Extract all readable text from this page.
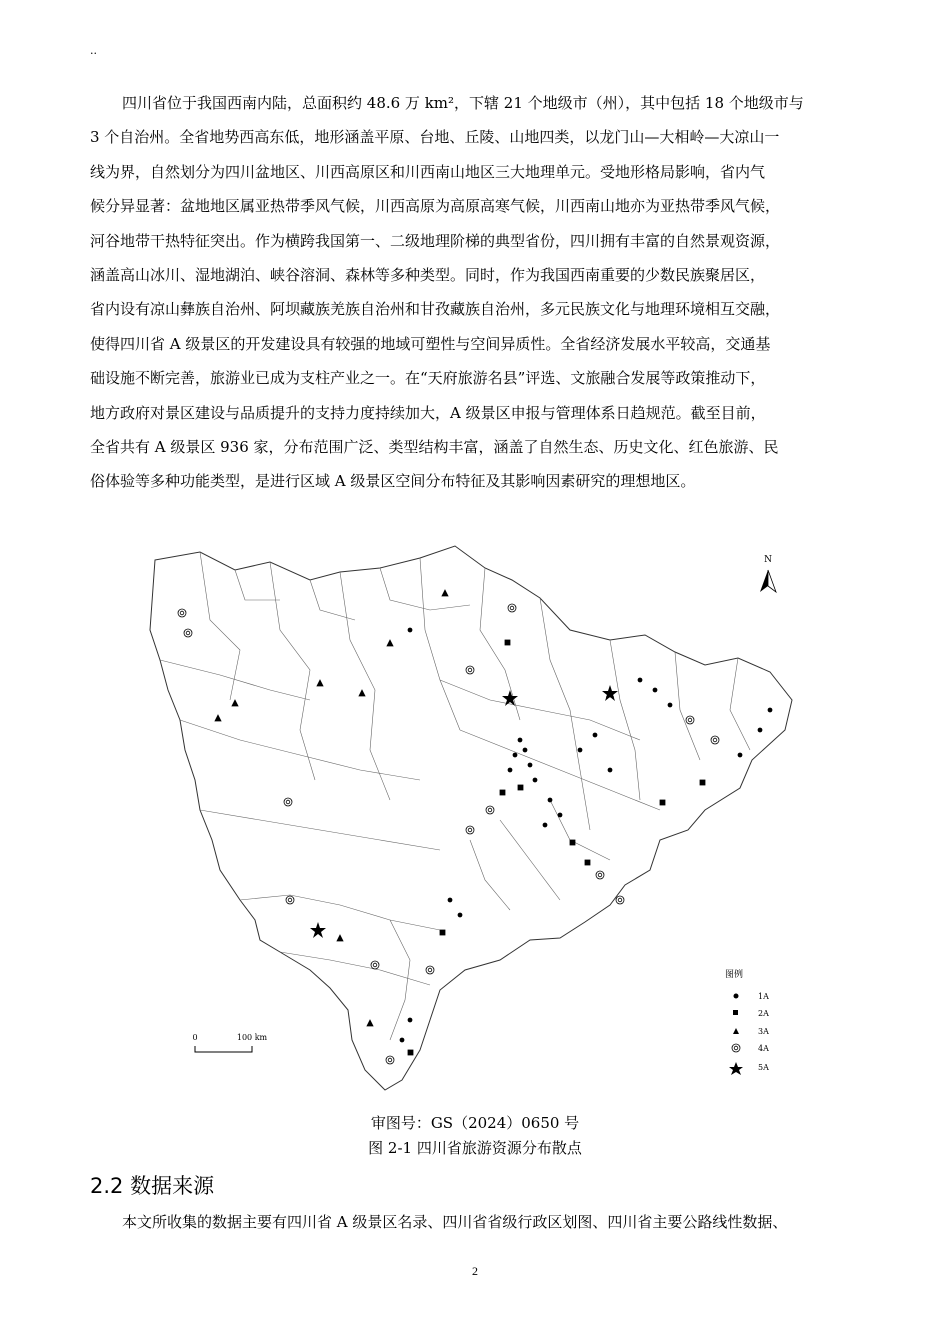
..
四川省位于我国西南内陆，总面积约 48.6 万 km²，下辖 21 个地级市（州），其中包括 18 个地级市与
3 个自治州。全省地势西高东低，地形涵盖平原、台地、丘陵、山地四类，以龙门山—大相岭—大凉山一
线为界，自然划分为四川盆地区、川西高原区和川西南山地区三大地理单元。受地形格局影响，省内气
候分异显著：盆地地区属亚热带季风气候，川西高原为高原高寒气候，川西南山地亦为亚热带季风气候，
河谷地带干热特征突出。作为横跨我国第一、二级地理阶梯的典型省份，四川拥有丰富的自然景观资源，
涵盖高山冰川、湿地湖泊、峡谷溶洞、森林等多种类型。同时，作为我国西南重要的少数民族聚居区，
省内设有凉山彝族自治州、阿坝藏族羌族自治州和甘孜藏族自治州，多元民族文化与地理环境相互交融，
使得四川省 A 级景区的开发建设具有较强的地域可塑性与空间异质性。全省经济发展水平较高，交通基
础设施不断完善，旅游业已成为支柱产业之一。在“天府旅游名县”评选、文旅融合发展等政策推动下，
地方政府对景区建设与品质提升的支持力度持续加大，A 级景区申报与管理体系日趋规范。截至目前，
全省共有 A 级景区 936 家，分布范围广泛、类型结构丰富，涵盖了自然生态、历史文化、红色旅游、民
俗体验等多种功能类型，是进行区域 A 级景区空间分布特征及其影响因素研究的理想地区。
N
0	100 km
图例
1A
2A
3A
4A
5A
审图号：GS（2024）0650 号
图 2-1 四川省旅游资源分布散点
2.2 数据来源
本文所收集的数据主要有四川省 A 级景区名录、四川省省级行政区划图、四川省主要公路线性数据、
2
